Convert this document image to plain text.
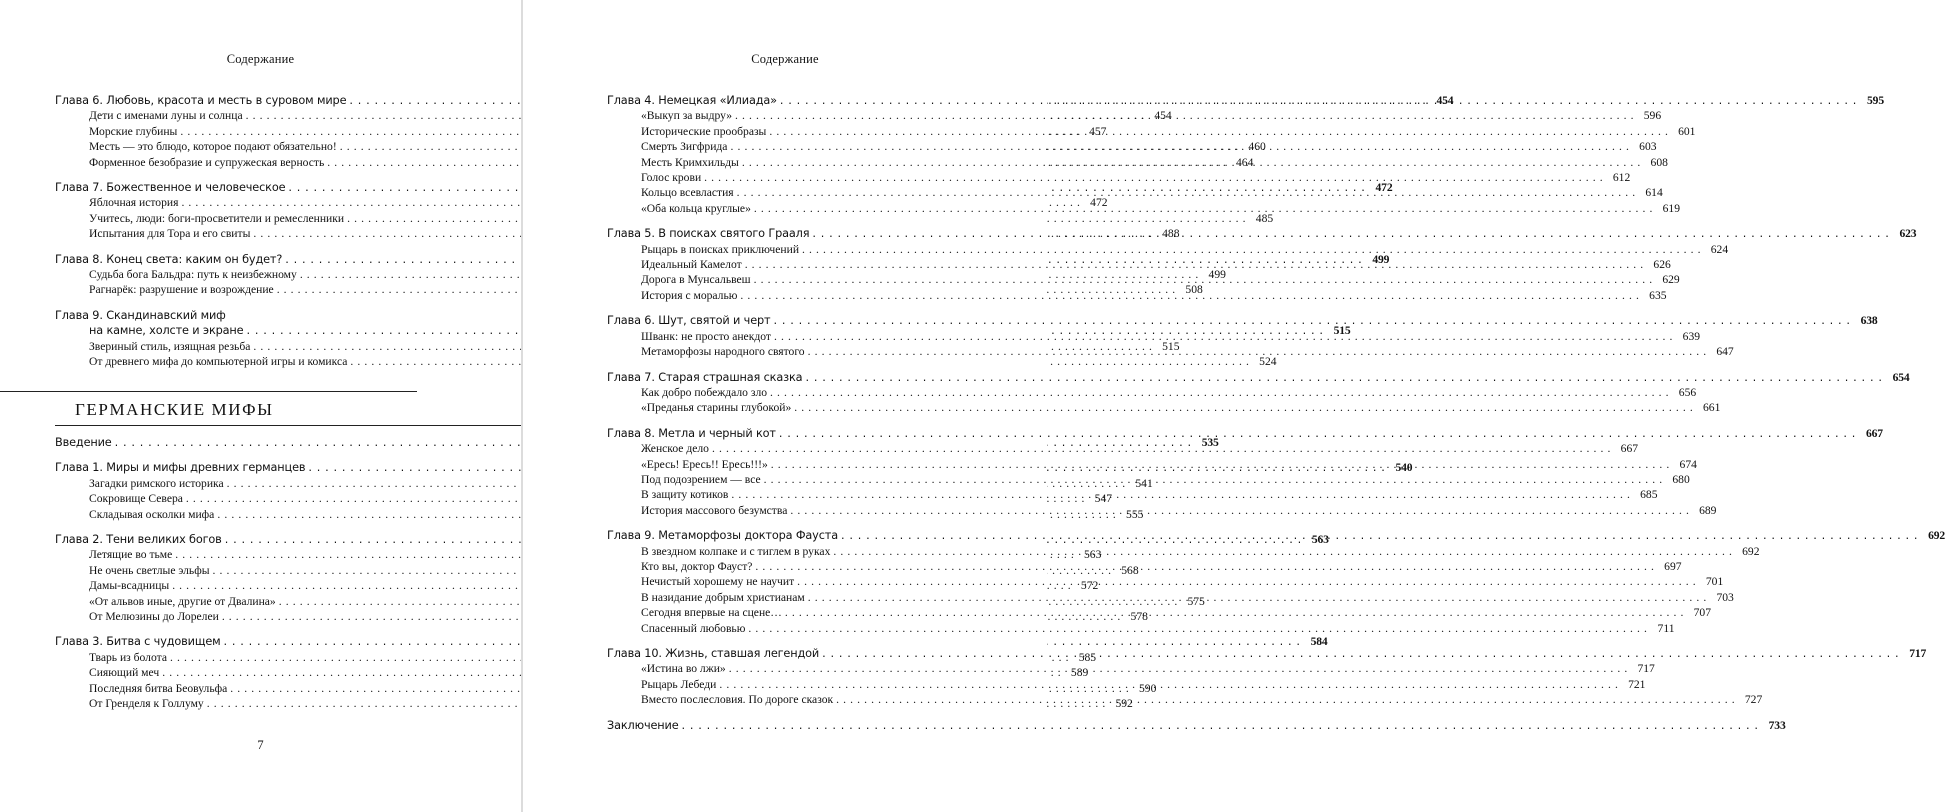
Содержание
Глава 6. Любовь, красота и месть в суровом мире . . .	454
Дети с именами луны и солнца . . .	454
Морские глубины . . .	457
Месть — это блюдо, которое подают обязательно! . . .	460
Форменное безобразие и супружеская верность . . .	464
Глава 7. Божественное и человеческое . . .	472
Яблочная история . . .	472
Учитесь, люди: боги-просветители и ремесленники . . .	485
Испытания для Тора и его свиты . . .	488
Глава 8. Конец света: каким он будет? . . .	499
Судьба бога Бальдра: путь к неизбежному . . .	499
Рагнарёк: разрушение и возрождение . . .	508
Глава 9. Скандинавский миф
на камне, холсте и экране . . .	515
Звериный стиль, изящная резьба . . .	515
От древнего мифа до компьютерной игры и комикса . . .	524
ГЕРМАНСКИЕ МИФЫ
Введение . . .	535
Глава 1. Миры и мифы древних германцев . . .	540
Загадки римского историка . . .	541
Сокровище Севера . . .	547
Складывая осколки мифа . . .	555
Глава 2. Тени великих богов . . .	563
Летящие во тьме . . .	563
Не очень светлые эльфы . . .	568
Дамы-всадницы . . .	572
«От альвов иные, другие от Двалина» . . .	575
От Мелюзины до Лорелеи . . .	578
Глава 3. Битва с чудовищем . . .	584
Тварь из болота . . .	585
Сияющий меч . . .	589
Последняя битва Беовульфа . . .	590
От Гренделя к Голлуму . . .	592
7
Содержание
Глава 4. Немецкая «Илиада» . . .	595
«Выкуп за выдру» . . .	596
Исторические прообразы . . .	601
Смерть Зигфрида . . .	603
Месть Кримхильды . . .	608
Голос крови . . .	612
Кольцо всевластия . . .	614
«Оба кольца круглые» . . .	619
Глава 5. В поисках святого Грааля . . .	623
Рыцарь в поисках приключений . . .	624
Идеальный Камелот . . .	626
Дорога в Мунсальвеш . . .	629
История с моралью . . .	635
Глава 6. Шут, святой и черт . . .	638
Шванк: не просто анекдот . . .	639
Метаморфозы народного святого . . .	647
Глава 7. Старая страшная сказка . . .	654
Как добро побеждало зло . . .	656
«Преданья старины глубокой» . . .	661
Глава 8. Метла и черный кот . . .	667
Женское дело . . .	667
«Ересь! Ересь!! Ересь!!!» . . .	674
Под подозрением — все . . .	680
В защиту котиков . . .	685
История массового безумства . . .	689
Глава 9. Метаморфозы доктора Фауста . . .	692
В звездном колпаке и с тиглем в руках . . .	692
Кто вы, доктор Фауст? . . .	697
Нечистый хорошему не научит . . .	701
В назидание добрым христианам . . .	703
Сегодня впервые на сцене… . . .	707
Спасенный любовью . . .	711
Глава 10. Жизнь, ставшая легендой . . .	717
«Истина во лжи» . . .	717
Рыцарь Лебеди . . .	721
Вместо послесловия. По дороге сказок . . .	727
Заключение . . .	733
